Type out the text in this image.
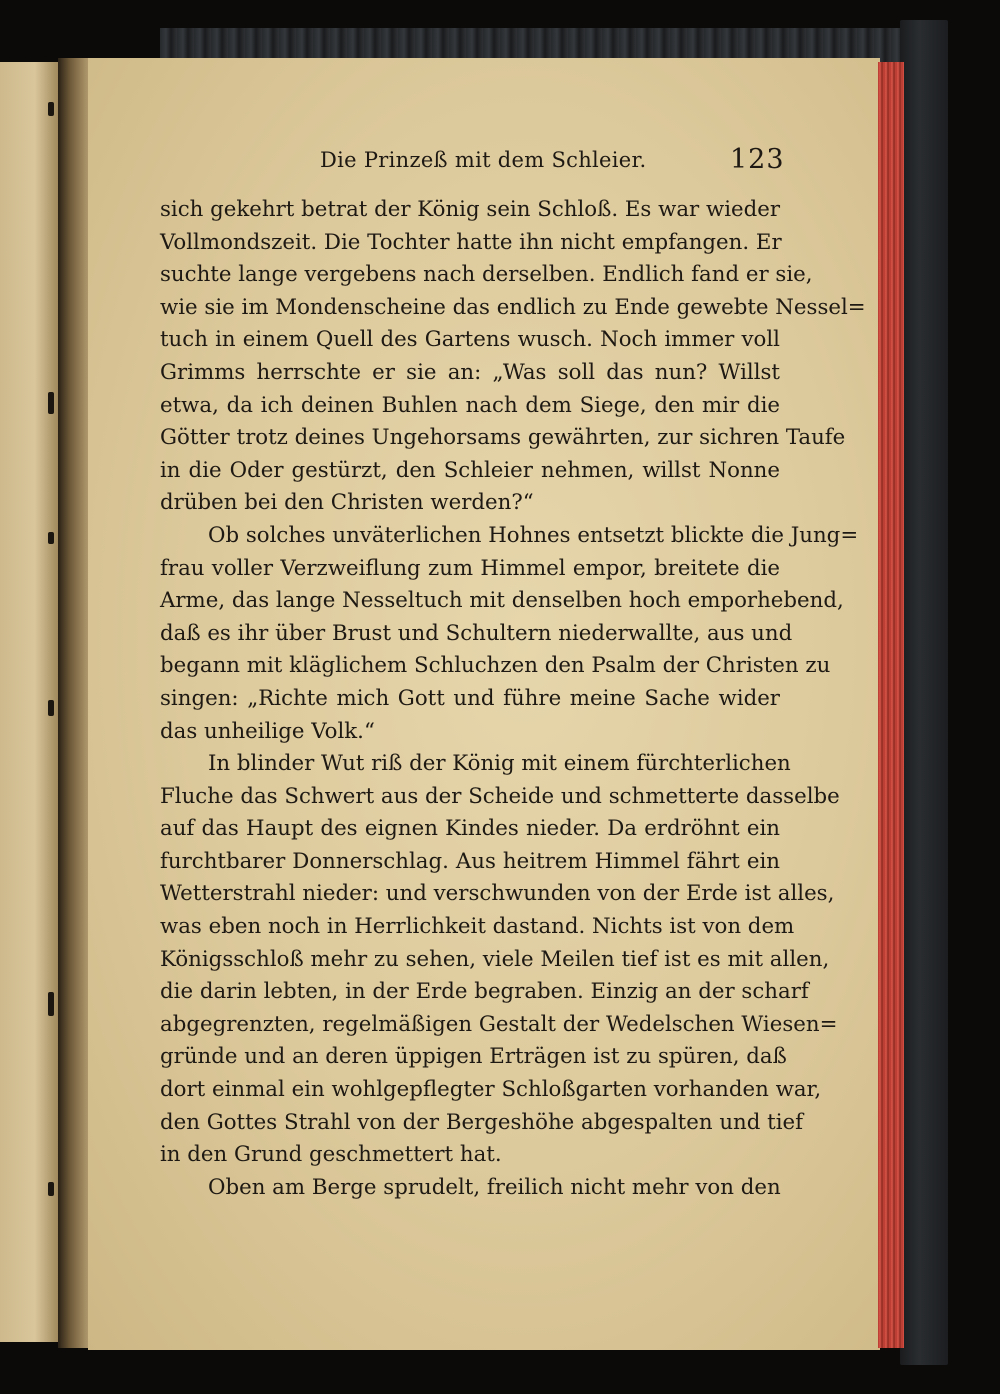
Die Prinzeß mit dem Schleier.	123

sich gekehrt betrat der König sein Schloß. Es war wieder
Vollmondszeit. Die Tochter hatte ihn nicht empfangen. Er
suchte lange vergebens nach derselben. Endlich fand er sie,
wie sie im Mondenscheine das endlich zu Ende gewebte Nessel=
tuch in einem Quell des Gartens wusch. Noch immer voll
Grimms herrschte er sie an: „Was soll das nun? Willst
etwa, da ich deinen Buhlen nach dem Siege, den mir die
Götter trotz deines Ungehorsams gewährten, zur sichren Taufe
in die Oder gestürzt, den Schleier nehmen, willst Nonne
drüben bei den Christen werden?“

Ob solches unväterlichen Hohnes entsetzt blickte die Jung=
frau voller Verzweiflung zum Himmel empor, breitete die
Arme, das lange Nesseltuch mit denselben hoch emporhebend,
daß es ihr über Brust und Schultern niederwallte, aus und
begann mit kläglichem Schluchzen den Psalm der Christen zu
singen: „Richte mich Gott und führe meine Sache wider
das unheilige Volk.“

In blinder Wut riß der König mit einem fürchterlichen
Fluche das Schwert aus der Scheide und schmetterte dasselbe
auf das Haupt des eignen Kindes nieder. Da erdröhnt ein
furchtbarer Donnerschlag. Aus heitrem Himmel fährt ein
Wetterstrahl nieder: und verschwunden von der Erde ist alles,
was eben noch in Herrlichkeit dastand. Nichts ist von dem
Königsschloß mehr zu sehen, viele Meilen tief ist es mit allen,
die darin lebten, in der Erde begraben. Einzig an der scharf
abgegrenzten, regelmäßigen Gestalt der Wedelschen Wiesen=
gründe und an deren üppigen Erträgen ist zu spüren, daß
dort einmal ein wohlgepflegter Schloßgarten vorhanden war,
den Gottes Strahl von der Bergeshöhe abgespalten und tief
in den Grund geschmettert hat.

Oben am Berge sprudelt, freilich nicht mehr von den
